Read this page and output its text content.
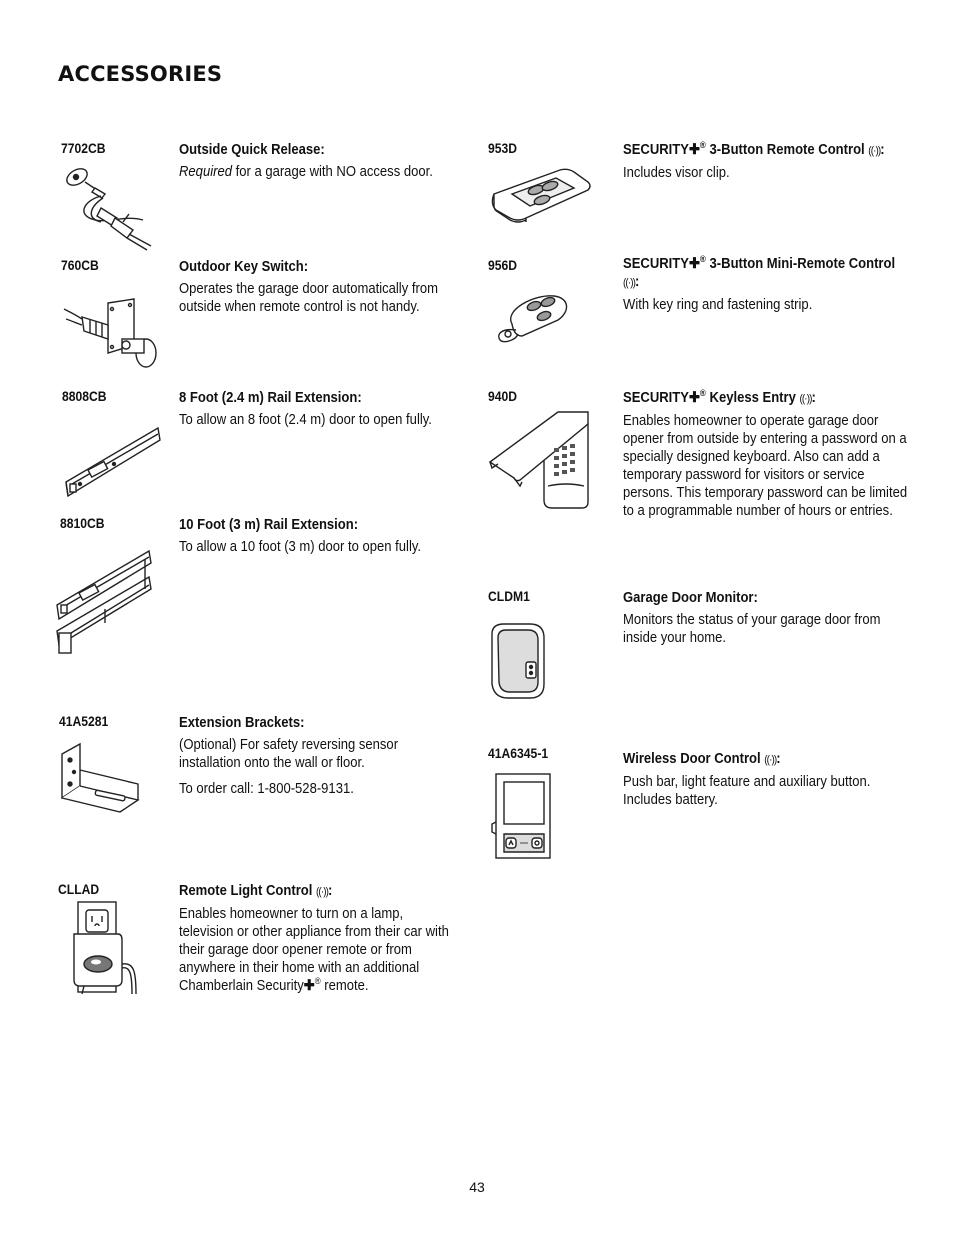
ACCESSORIES
7702CB	Outside Quick Release:

Required for a garage with NO access door.

760CB	Outdoor Key Switch:

Operates the garage door automatically from outside when remote control is not handy.

8808CB	8 Foot (2.4 m) Rail Extension:

To allow an 8 foot (2.4 m) door to open fully.

8810CB	10 Foot (3 m) Rail Extension:

To allow a 10 foot (3 m) door to open fully.

41A5281	Extension Brackets:

(Optional) For safety reversing sensor installation onto the wall or floor.

To order call: 1-800-528-9131.

CLLAD	Remote Light Control ((·)):

Enables homeowner to turn on a lamp, television or other appliance from their car with their garage door opener remote or from anywhere in their home with an additional Chamberlain Security✚® remote.

953D	SECURITY✚® 3-Button Remote Control ((·)):

Includes visor clip.

956D	SECURITY✚® 3-Button Mini-Remote Control ((·)):

With key ring and fastening strip.

940D	SECURITY✚® Keyless Entry ((·)):

Enables homeowner to operate garage door opener from outside by entering a password on a specially designed keyboard. Also can add a temporary password for visitors or service persons. This temporary password can be limited to a programmable number of hours or entries.

CLDM1	Garage Door Monitor:

Monitors the status of your garage door from inside your home.

41A6345-1	Wireless Door Control ((·)):

Push bar, light feature and auxiliary button. Includes battery.

43
